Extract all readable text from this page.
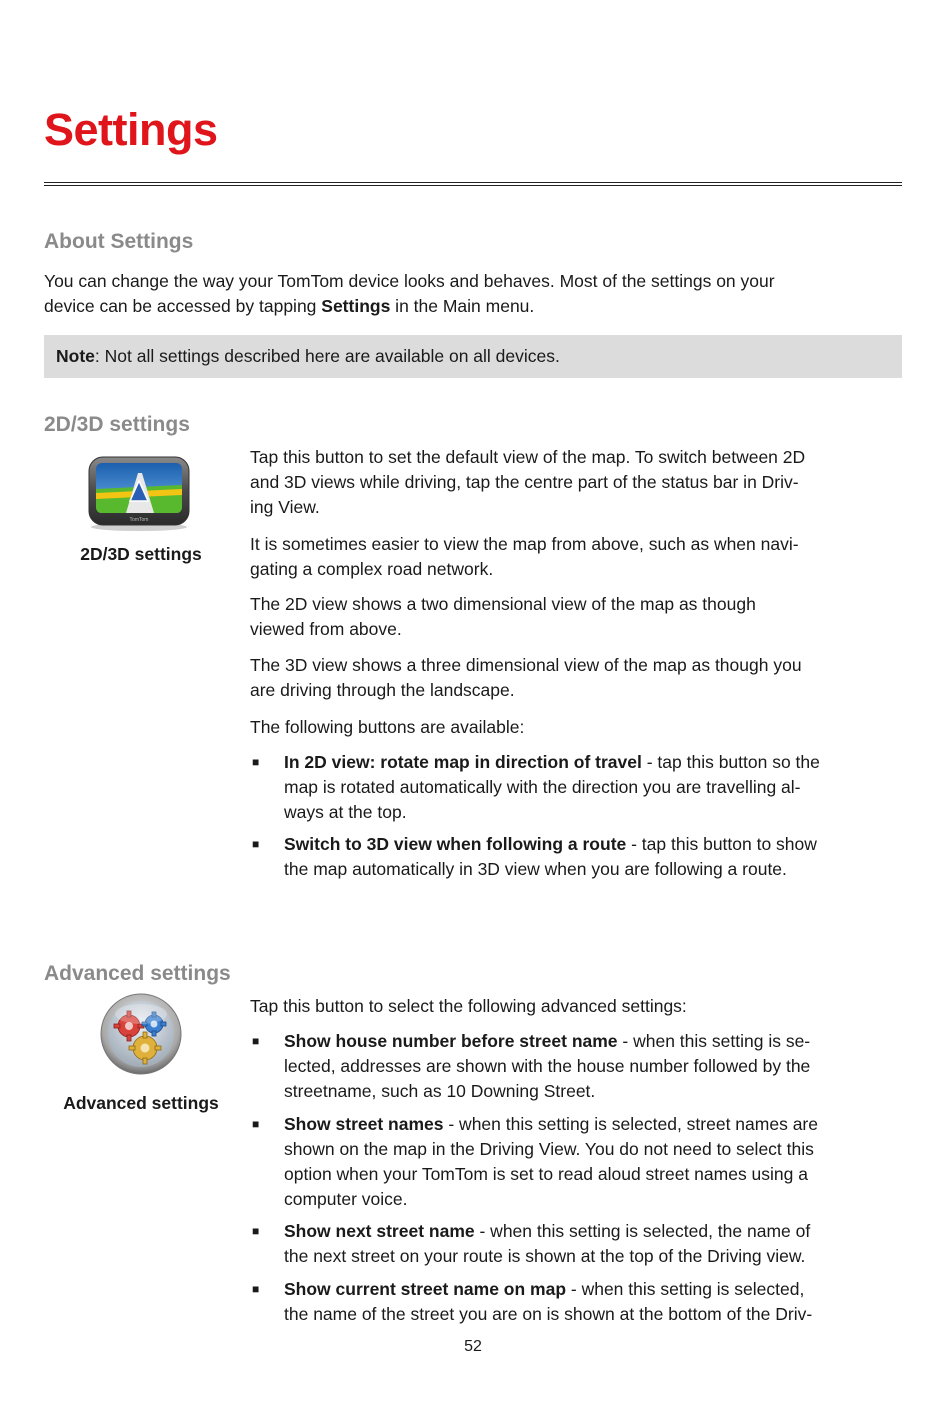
Settings
About Settings
You can change the way your TomTom device looks and behaves. Most of the settings on your
device can be accessed by tapping Settings in the Main menu.
Note: Not all settings described here are available on all devices.
2D/3D settings
TomTom
2D/3D settings
Tap this button to set the default view of the map. To switch between 2D
and 3D views while driving, tap the centre part of the status bar in Driv-
ing View.
It is sometimes easier to view the map from above, such as when navi-
gating a complex road network.
The 2D view shows a two dimensional view of the map as though
viewed from above.
The 3D view shows a three dimensional view of the map as though you
are driving through the landscape.
The following buttons are available:
■ In 2D view: rotate map in direction of travel - tap this button so the
map is rotated automatically with the direction you are travelling al-
ways at the top.
■ Switch to 3D view when following a route - tap this button to show
the map automatically in 3D view when you are following a route.
Advanced settings
Advanced settings
Tap this button to select the following advanced settings:
■ Show house number before street name - when this setting is se-
lected, addresses are shown with the house number followed by the
streetname, such as 10 Downing Street.
■ Show street names - when this setting is selected, street names are
shown on the map in the Driving View. You do not need to select this
option when your TomTom is set to read aloud street names using a
computer voice.
■ Show next street name - when this setting is selected, the name of
the next street on your route is shown at the top of the Driving view.
■ Show current street name on map - when this setting is selected,
the name of the street you are on is shown at the bottom of the Driv-
52
